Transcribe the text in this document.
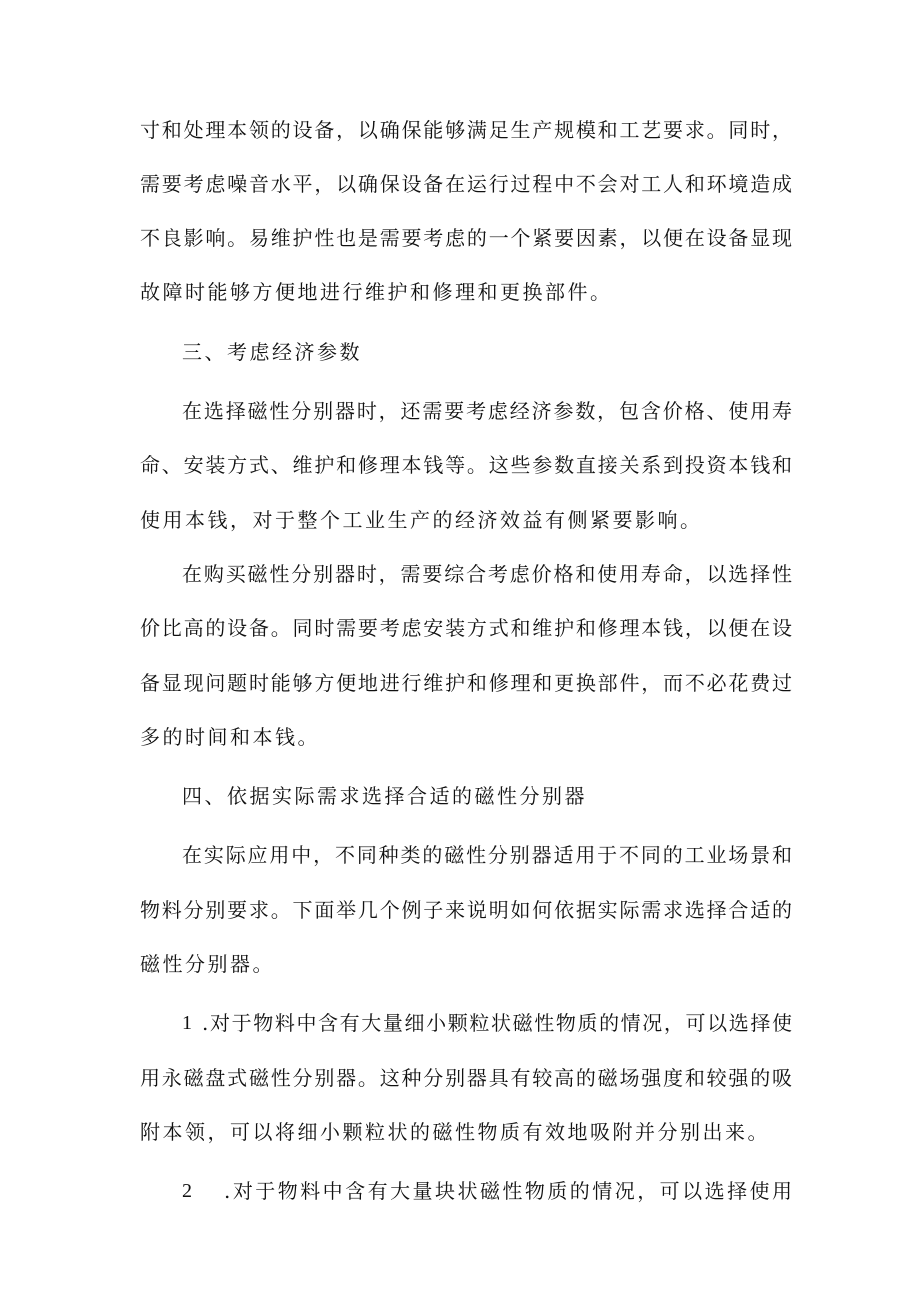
寸和处理本领的设备，以确保能够满足生产规模和工艺要求。同时，
需要考虑噪音水平，以确保设备在运行过程中不会对工人和环境造成
不良影响。易维护性也是需要考虑的一个紧要因素，以便在设备显现
故障时能够方便地进行维护和修理和更换部件。
三、考虑经济参数
在选择磁性分别器时，还需要考虑经济参数，包含价格、使用寿
命、安装方式、维护和修理本钱等。这些参数直接关系到投资本钱和
使用本钱，对于整个工业生产的经济效益有侧紧要影响。
在购买磁性分别器时，需要综合考虑价格和使用寿命，以选择性
价比高的设备。同时需要考虑安装方式和维护和修理本钱，以便在设
备显现问题时能够方便地进行维护和修理和更换部件，而不必花费过
多的时间和本钱。
四、依据实际需求选择合适的磁性分别器
在实际应用中，不同种类的磁性分别器适用于不同的工业场景和
物料分别要求。下面举几个例子来说明如何依据实际需求选择合适的
磁性分别器。
1 .对于物料中含有大量细小颗粒状磁性物质的情况，可以选择使
用永磁盘式磁性分别器。这种分别器具有较高的磁场强度和较强的吸
附本领，可以将细小颗粒状的磁性物质有效地吸附并分别出来。
2 .对于物料中含有大量块状磁性物质的情况，可以选择使用
